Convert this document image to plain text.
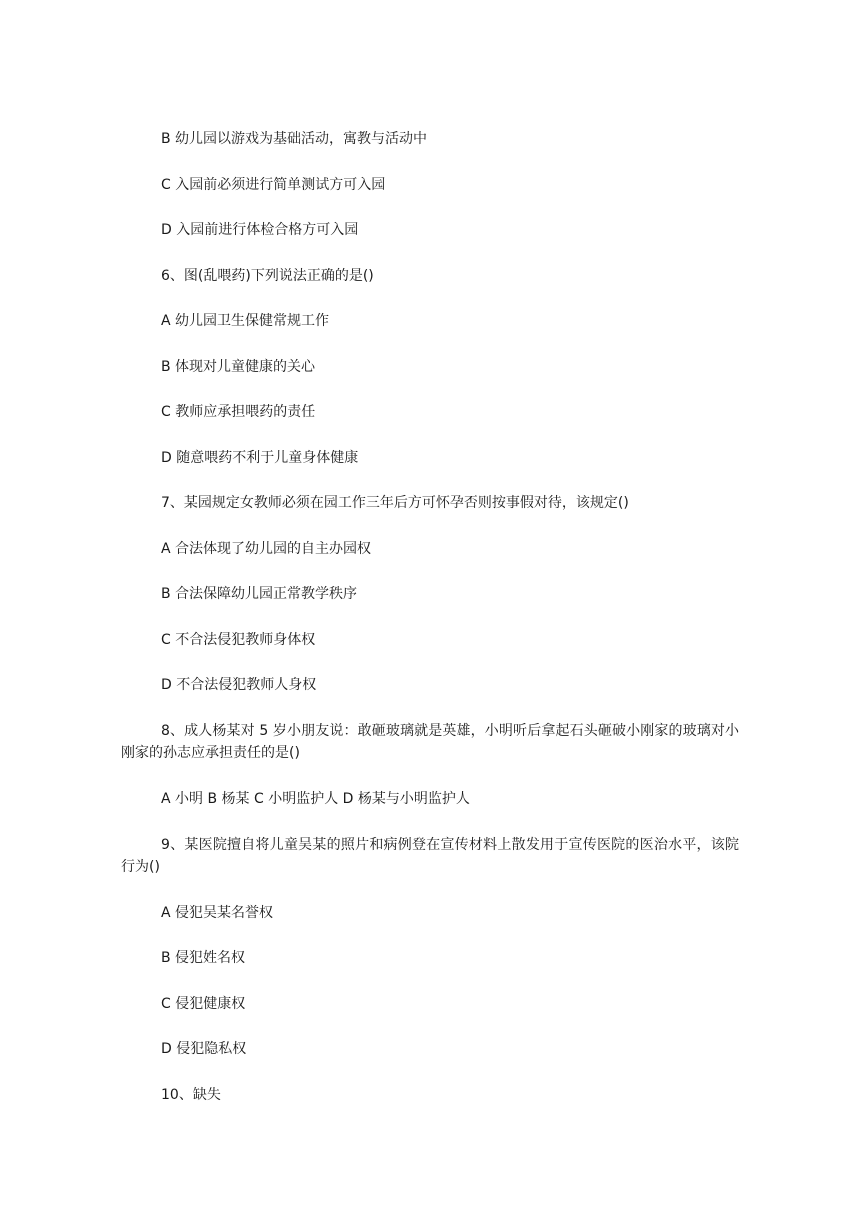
B 幼儿园以游戏为基础活动，寓教与活动中
C 入园前必须进行简单测试方可入园
D 入园前进行体检合格方可入园
6、图(乱喂药)下列说法正确的是()
A 幼儿园卫生保健常规工作
B 体现对儿童健康的关心
C 教师应承担喂药的责任
D 随意喂药不利于儿童身体健康
7、某园规定女教师必须在园工作三年后方可怀孕否则按事假对待，该规定()
A 合法体现了幼儿园的自主办园权
B 合法保障幼儿园正常教学秩序
C 不合法侵犯教师身体权
D 不合法侵犯教师人身权
8、成人杨某对 5 岁小朋友说：敢砸玻璃就是英雄，小明听后拿起石头砸破小刚家的玻璃对小刚家的孙志应承担责任的是()
A 小明 B 杨某 C 小明监护人 D 杨某与小明监护人
9、某医院擅自将儿童吴某的照片和病例登在宣传材料上散发用于宣传医院的医治水平，该院行为()
A 侵犯吴某名誉权
B 侵犯姓名权
C 侵犯健康权
D 侵犯隐私权
10、缺失
